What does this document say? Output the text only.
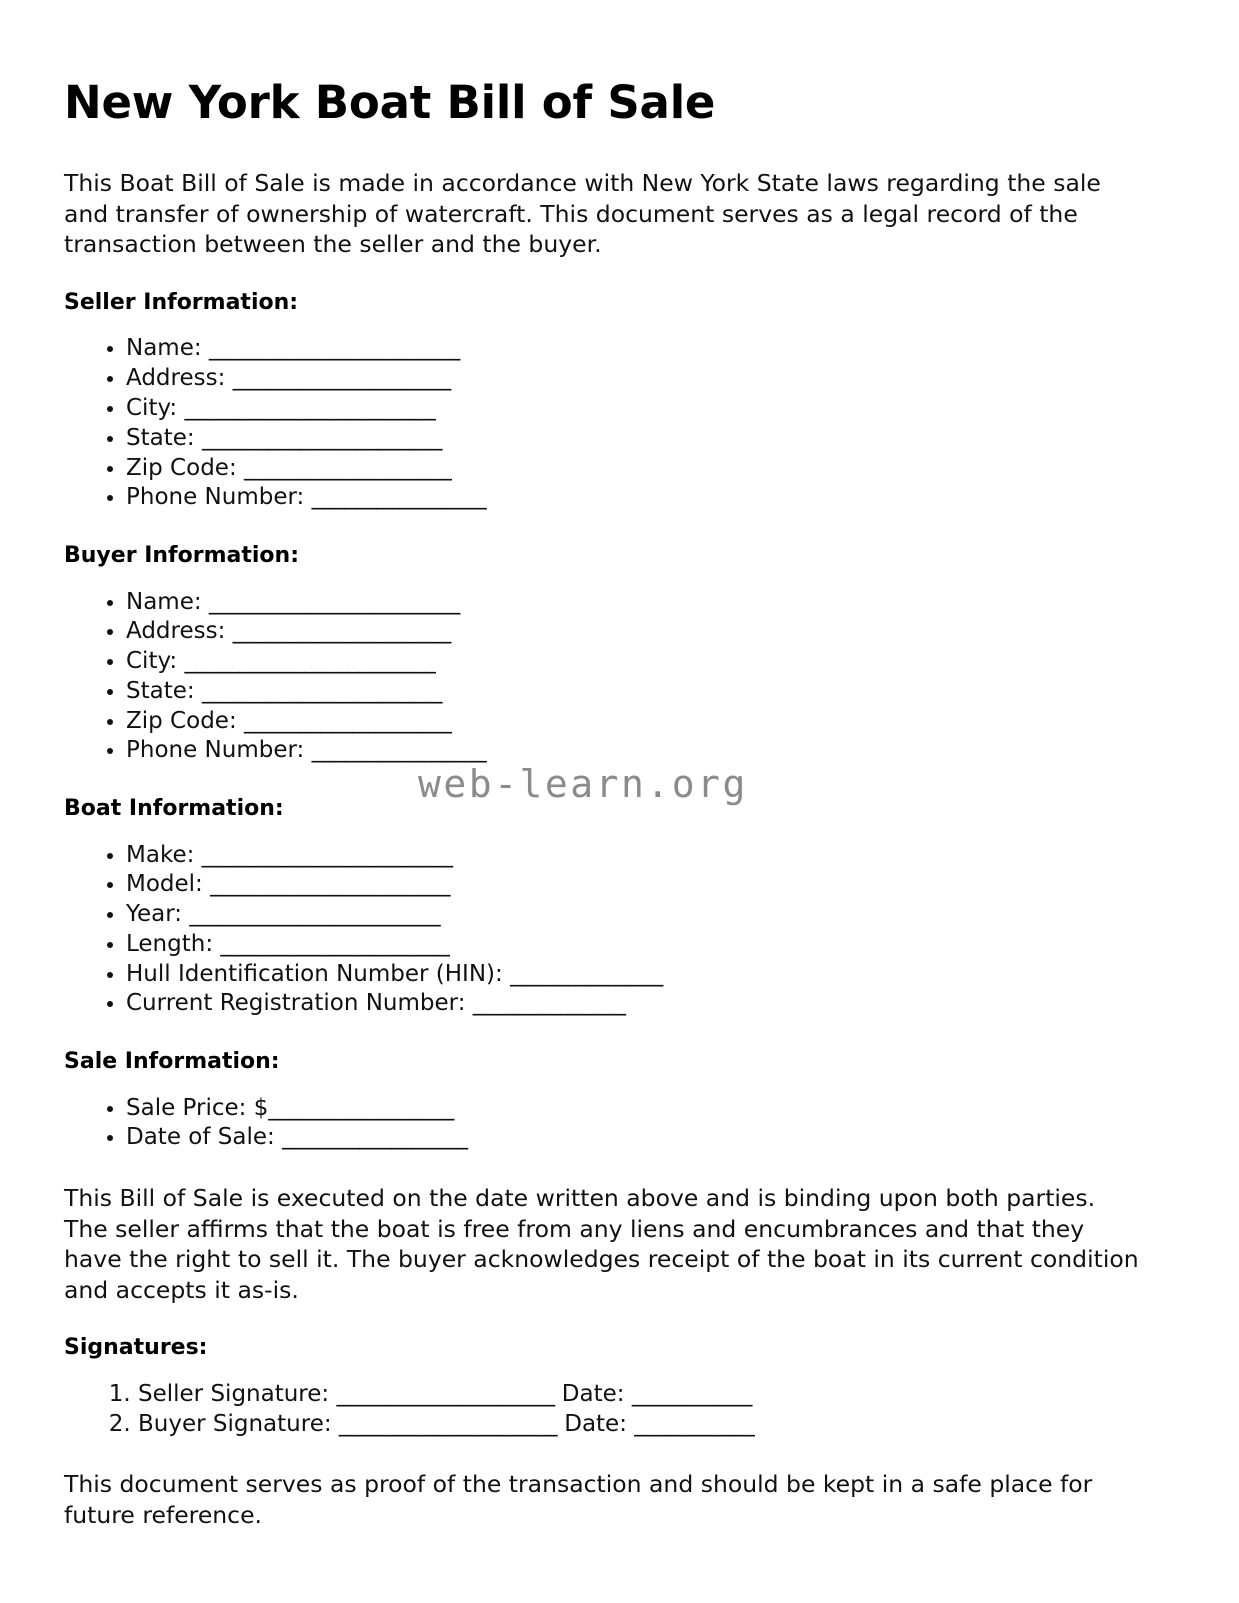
New York Boat Bill of Sale

This Boat Bill of Sale is made in accordance with New York State laws regarding the sale and transfer of ownership of watercraft. This document serves as a legal record of the transaction between the seller and the buyer.

Seller Information:
• Name: _______________________
• Address: ____________________
• City: _______________________
• State: ______________________
• Zip Code: ___________________
• Phone Number: ________________
Buyer Information:
• Name: _______________________
• Address: ____________________
• City: _______________________
• State: ______________________
• Zip Code: ___________________
• Phone Number: ________________
Boat Information:
• Make: _______________________
• Model: ______________________
• Year: _______________________
• Length: _____________________
• Hull Identification Number (HIN): ______________
• Current Registration Number: ______________
Sale Information:
• Sale Price: $_________________
• Date of Sale: _________________

This Bill of Sale is executed on the date written above and is binding upon both parties. The seller affirms that the boat is free from any liens and encumbrances and that they have the right to sell it. The buyer acknowledges receipt of the boat in its current condition and accepts it as-is.

Signatures:
1. Seller Signature: ____________________ Date: ___________
2. Buyer Signature: ____________________ Date: ___________

This document serves as proof of the transaction and should be kept in a safe place for future reference.

web-learn.org
